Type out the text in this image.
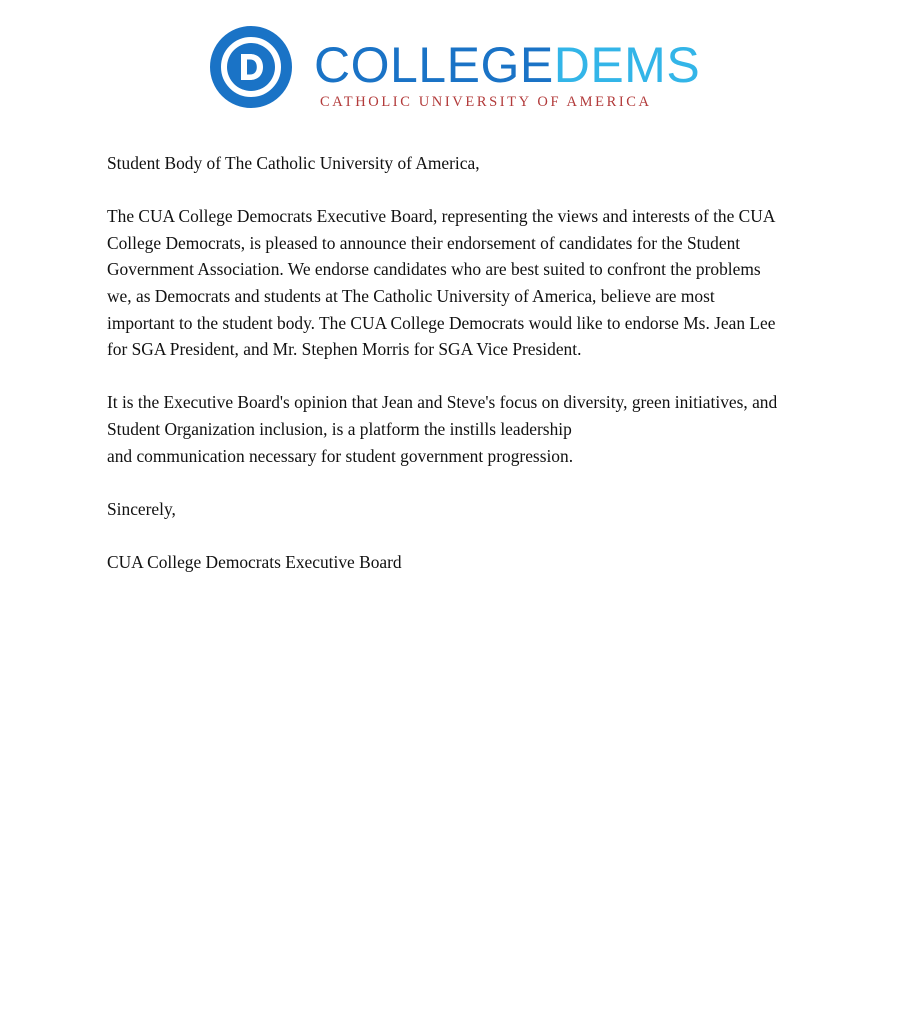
COLLEGEDEMS
CATHOLIC UNIVERSITY OF AMERICA

Student Body of The Catholic University of America,

The CUA College Democrats Executive Board, representing the views and interests of the CUA
College Democrats, is pleased to announce their endorsement of candidates for the Student
Government Association. We endorse candidates who are best suited to confront the problems
we, as Democrats and students at The Catholic University of America, believe are most
important to the student body. The CUA College Democrats would like to endorse Ms. Jean Lee
for SGA President, and Mr. Stephen Morris for SGA Vice President.

It is the Executive Board's opinion that Jean and Steve's focus on diversity, green initiatives, and
Student Organization inclusion, is a platform the instills leadership
and communication necessary for student government progression.

Sincerely,

CUA College Democrats Executive Board
